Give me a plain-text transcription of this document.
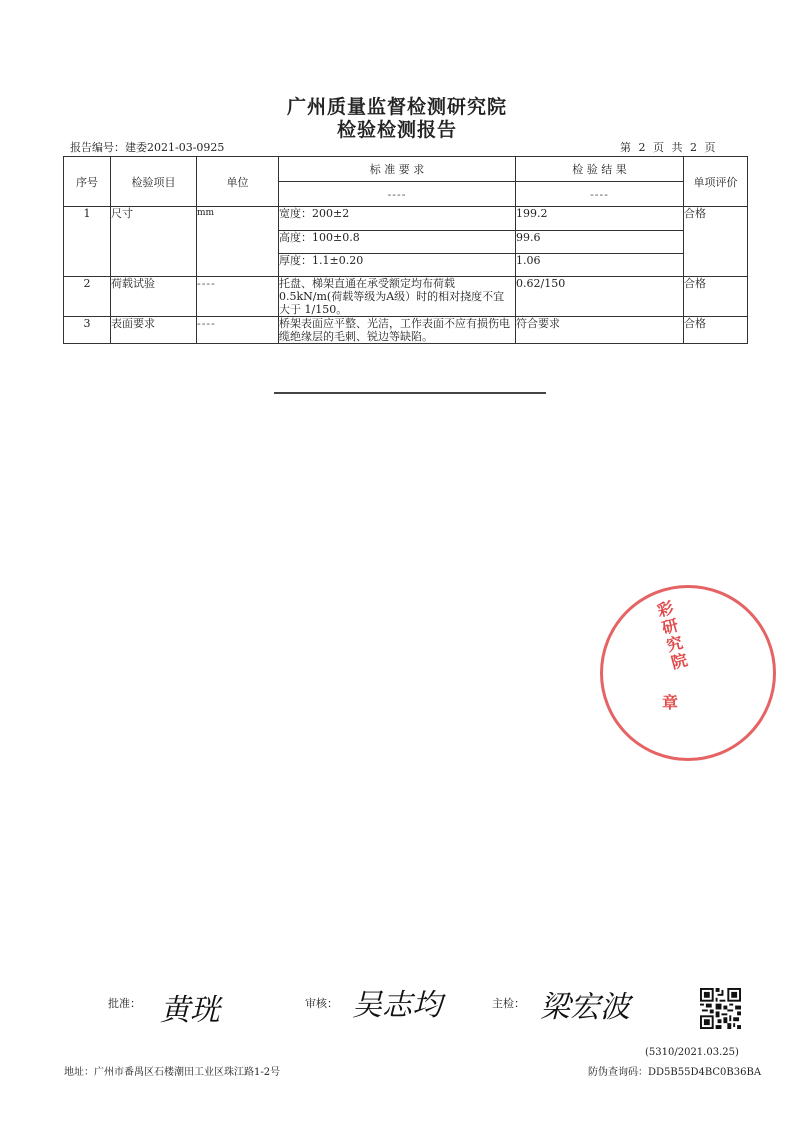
广州质量监督检测研究院
检验检测报告
报告编号：建委2021-03-0925	第 2 页 共 2 页
序号	检验项目	单位	标 准 要 求	检 验 结 果	单项评价
			----	----	
1	尺寸	mm	宽度：200±2	199.2	合格
			高度：100±0.8	99.6	
			厚度：1.1±0.20	1.06	
2	荷载试验	----	托盘、梯架直通在承受额定均布荷载0.5kN/m(荷载等级为A级）时的相对挠度不宜大于 1/150。	0.62/150	合格
3	表面要求	----	桥架表面应平整、光洁，工作表面不应有损伤电缆绝缘层的毛刺、锐边等缺陷。	符合要求	合格
彩研究院
章
批准： 黄珖	审核： 吴志均	主检： 梁宏波
(5310/2021.03.25)
地址：广州市番禺区石楼潮田工业区珠江路1-2号	防伪查询码：DD5B55D4BC0B36BA
